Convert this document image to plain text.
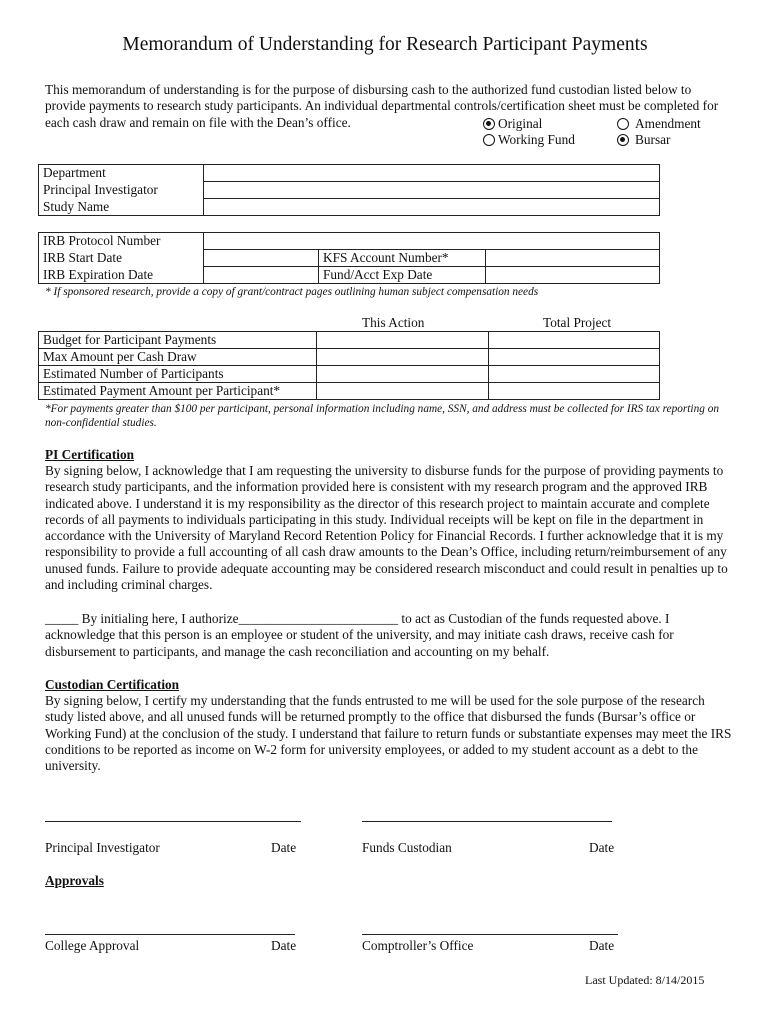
Memorandum of Understanding for Research Participant Payments
This memorandum of understanding is for the purpose of disbursing cash to the authorized fund custodian listed below to provide payments to research study participants. An individual departmental controls/certification sheet must be completed for each cash draw and remain on file with the Dean’s office.	Original	Amendment
Working Fund	Bursar
Department	
Principal Investigator	
Study Name	
IRB Protocol Number			
IRB Start Date		KFS Account Number*	
IRB Expiration Date		Fund/Acct Exp Date	
* If sponsored research, provide a copy of grant/contract pages outlining human subject compensation needs
This Action	Total Project
Budget for Participant Payments		
Max Amount per Cash Draw		
Estimated Number of Participants		
Estimated Payment Amount per Participant*		
*For payments greater than $100 per participant, personal information including name, SSN, and address must be collected for IRS tax reporting on non-confidential studies.
PI Certification
By signing below, I acknowledge that I am requesting the university to disburse funds for the purpose of providing payments to research study participants, and the information provided here is consistent with my research program and the approved IRB indicated above. I understand it is my responsibility as the director of this research project to maintain accurate and complete records of all payments to individuals participating in this study. Individual receipts will be kept on file in the department in accordance with the University of Maryland Record Retention Policy for Financial Records. I further acknowledge that it is my responsibility to provide a full accounting of all cash draw amounts to the Dean’s Office, including return/reimbursement of any unused funds. Failure to provide adequate accounting may be considered research misconduct and could result in penalties up to and including criminal charges.
_____ By initialing here, I authorize________________________ to act as Custodian of the funds requested above. I acknowledge that this person is an employee or student of the university, and may initiate cash draws, receive cash for disbursement to participants, and manage the cash reconciliation and accounting on my behalf.
Custodian Certification
By signing below, I certify my understanding that the funds entrusted to me will be used for the sole purpose of the research study listed above, and all unused funds will be returned promptly to the office that disbursed the funds (Bursar’s office or Working Fund) at the conclusion of the study. I understand that failure to return funds or substantiate expenses may meet the IRS conditions to be reported as income on W-2 form for university employees, or added to my student account as a debt to the university.
Principal Investigator	Date	Funds Custodian	Date
Approvals
College Approval	Date	Comptroller’s Office	Date
Last Updated: 8/14/2015
